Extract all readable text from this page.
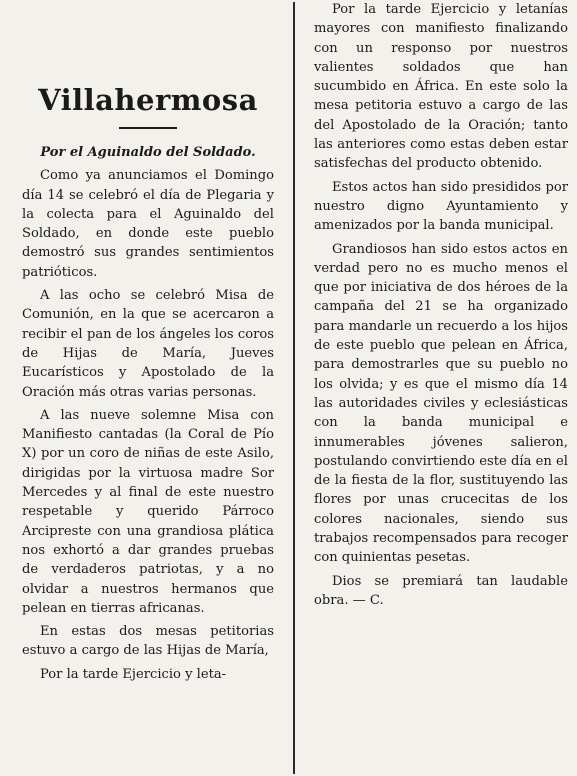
Villahermosa
Por el Aguinaldo del Soldado.

Como ya anunciamos el Domingo día 14 se celebró el día de Plegaria y la colecta para el Aguinaldo del Soldado, en donde este pueblo demostró sus grandes sentimientos patrióticos.

A las ocho se celebró Misa de Comunión, en la que se acercaron a recibir el pan de los ángeles los coros de Hijas de María, Jueves Eucarísticos y Apostolado de la Oración más otras varias personas.

A las nueve solemne Misa con Manifiesto cantadas (la Coral de Pío X) por un coro de niñas de este Asilo, dirigidas por la virtuosa madre Sor Mercedes y al final de este nuestro respetable y querido Párroco Arcipreste con una grandiosa plática nos exhortó a dar grandes pruebas de verdaderos patriotas, y a no olvidar a nuestros hermanos que pelean en tierras africanas.

En estas dos mesas petitorias estuvo a cargo de las Hijas de María,

Por la tarde Ejercicio y leta-

Por la tarde Ejercicio y letanías mayores con manifiesto finalizando con un responso por nuestros valientes soldados que han sucumbido en África. En este solo la mesa petitoria estuvo a cargo de las del Apostolado de la Oración; tanto las anteriores como estas deben estar satisfechas del producto obtenido.

Estos actos han sido presididos por nuestro digno Ayuntamiento y amenizados por la banda municipal.

Grandiosos han sido estos actos en verdad pero no es mucho menos el que por iniciativa de dos héroes de la campaña del 21 se ha organizado para mandarle un recuerdo a los hijos de este pueblo que pelean en África, para demostrarles que su pueblo no los olvida; y es que el mismo día 14 las autoridades civiles y eclesiásticas con la banda municipal e innumerables jóvenes salieron, postulando convirtiendo este día en el de la fiesta de la flor, sustituyendo las flores por unas crucecitas de los colores nacionales, siendo sus trabajos recompensados para recoger con quinientas pesetas.

Dios se premiará tan laudable obra. — C.
